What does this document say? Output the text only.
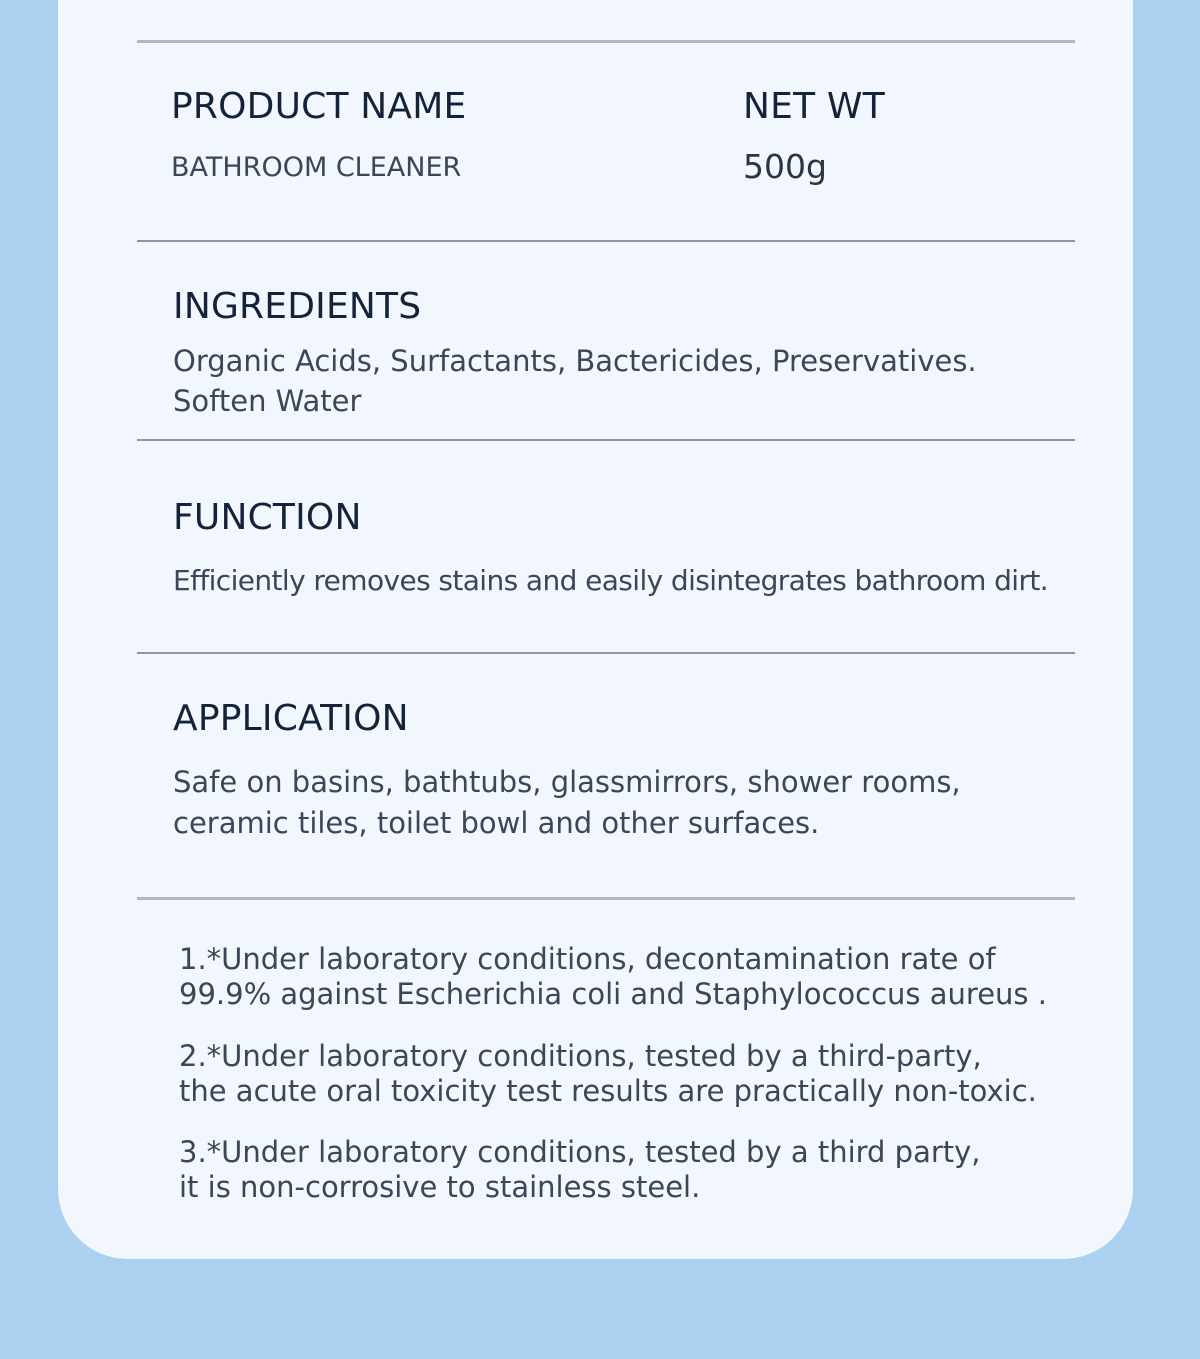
PRODUCT NAME

BATHROOM CLEANER

NET WT

500g

INGREDIENTS

Organic Acids, Surfactants, Bactericides, Preservatives.

Soften Water

FUNCTION

Efficiently removes stains and easily disintegrates bathroom dirt.

APPLICATION

Safe on basins, bathtubs, glassmirrors, shower rooms,

ceramic tiles, toilet bowl and other surfaces.

1.*Under laboratory conditions, decontamination rate of

99.9% against Escherichia coli and Staphylococcus aureus .

2.*Under laboratory conditions, tested by a third-party,

the acute oral toxicity test results are practically non-toxic.

3.*Under laboratory conditions, tested by a third party,

it is non-corrosive to stainless steel.
